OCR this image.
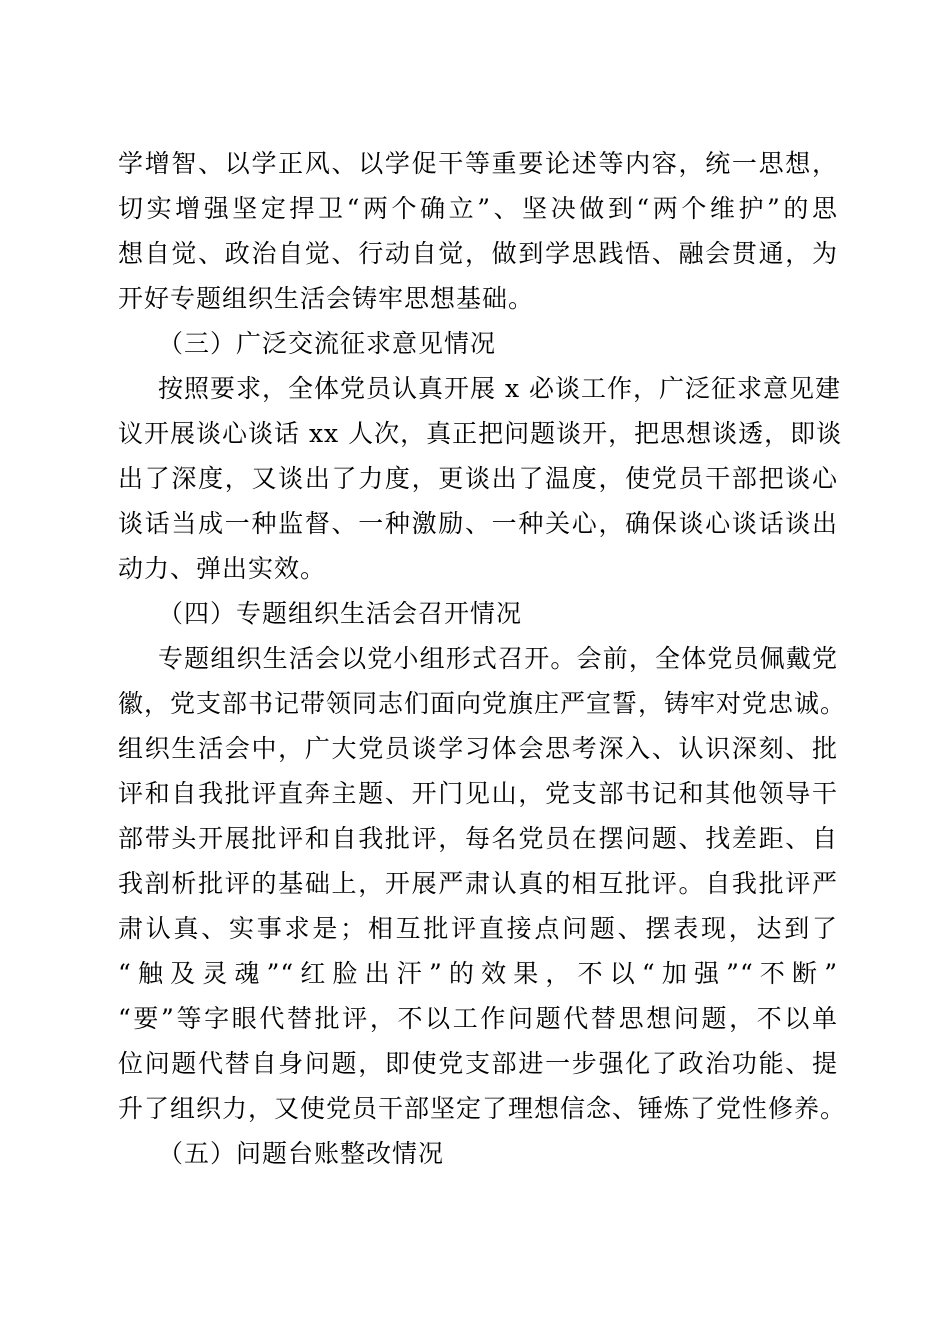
学增智、以学正风、以学促干等重要论述等内容，统一思想，
切实增强坚定捍卫“两个确立”、坚决做到“两个维护”的思
想自觉、政治自觉、行动自觉，做到学思践悟、融会贯通，为
开好专题组织生活会铸牢思想基础。
（三）广泛交流征求意见情况
按照要求，全体党员认真开展 x 必谈工作，广泛征求意见建
议开展谈心谈话 xx 人次，真正把问题谈开，把思想谈透，即谈
出了深度，又谈出了力度，更谈出了温度，使党员干部把谈心
谈话当成一种监督、一种激励、一种关心，确保谈心谈话谈出
动力、弹出实效。
（四）专题组织生活会召开情况
专题组织生活会以党小组形式召开。会前，全体党员佩戴党
徽，党支部书记带领同志们面向党旗庄严宣誓，铸牢对党忠诚。
组织生活会中，广大党员谈学习体会思考深入、认识深刻、批
评和自我批评直奔主题、开门见山，党支部书记和其他领导干
部带头开展批评和自我批评，每名党员在摆问题、找差距、自
我剖析批评的基础上，开展严肃认真的相互批评。自我批评严
肃认真、实事求是；相互批评直接点问题、摆表现，达到了
“触及灵魂”“红脸出汗”的效果，不以“加强”“不断”
“要”等字眼代替批评，不以工作问题代替思想问题，不以单
位问题代替自身问题，即使党支部进一步强化了政治功能、提
升了组织力，又使党员干部坚定了理想信念、锤炼了党性修养。
（五）问题台账整改情况
